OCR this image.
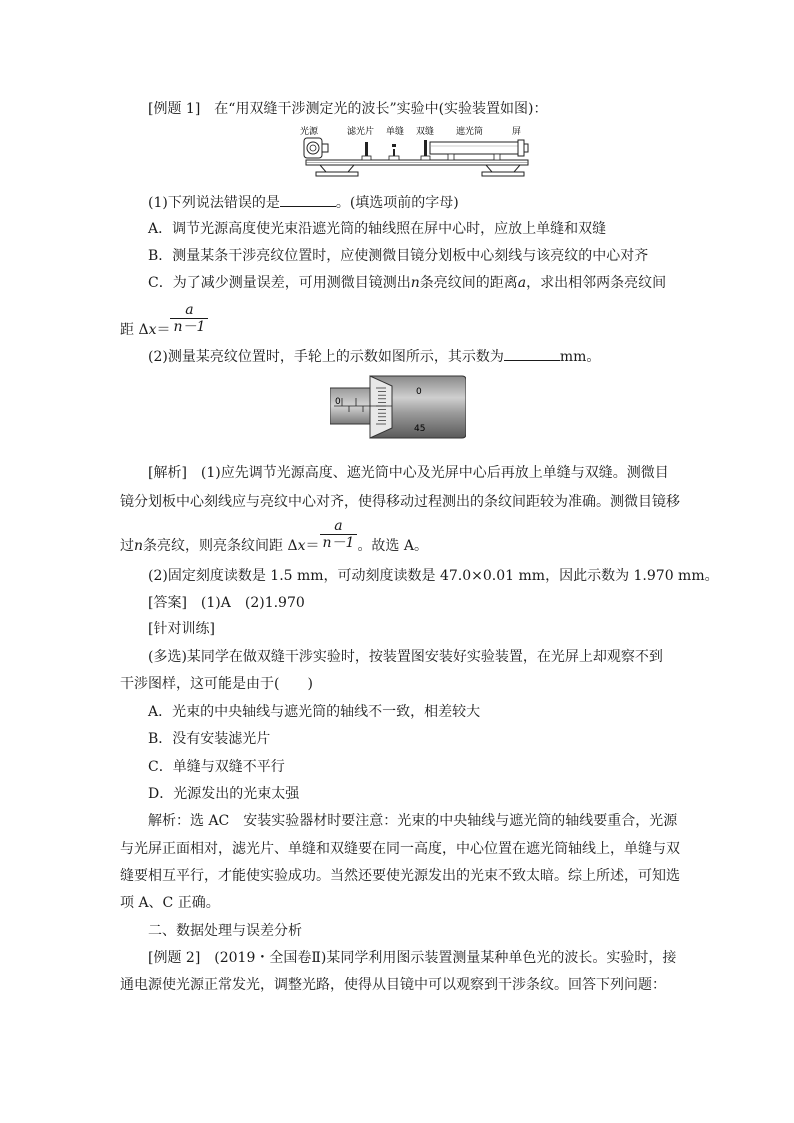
[例题 1]　在“用双缝干涉测定光的波长”实验中(实验装置如图)：
光源	滤光片 单缝 双缝 遮光筒	屏
(1)下列说法错误的是	。(填选项前的字母)
A．调节光源高度使光束沿遮光筒的轴线照在屏中心时，应放上单缝和双缝
B．测量某条干涉亮纹位置时，应使测微目镜分划板中心刻线与该亮纹的中心对齐
C．为了减少测量误差，可用测微目镜测出n条亮纹间的距离a，求出相邻两条亮纹间
距 $\Delta x= \frac{a}{n-1}$
(2)测量某亮纹位置时，手轮上的示数如图所示，其示数为	mm。
0
0
45
[解析]　(1)应先调节光源高度、遮光筒中心及光屏中心后再放上单缝与双缝。测微目
镜分划板中心刻线应与亮纹中心对齐，使得移动过程测出的条纹间距较为准确。测微目镜移
过n条亮纹，则亮条纹间距 $\Delta x= \frac{a}{n-1}$ 。故选 A。
(2)固定刻度读数是 1.5 mm，可动刻度读数是 47.0×0.01 mm，因此示数为 1.970 mm。
[答案]　(1)A　(2)1.970
[针对训练]
(多选)某同学在做双缝干涉实验时，按装置图安装好实验装置，在光屏上却观察不到
干涉图样，这可能是由于(　　)
A．光束的中央轴线与遮光筒的轴线不一致，相差较大
B．没有安装滤光片
C．单缝与双缝不平行
D．光源发出的光束太强
解析：选 AC　安装实验器材时要注意：光束的中央轴线与遮光筒的轴线要重合，光源
与光屏正面相对，滤光片、单缝和双缝要在同一高度，中心位置在遮光筒轴线上，单缝与双
缝要相互平行，才能使实验成功。当然还要使光源发出的光束不致太暗。综上所述，可知选
项 A、C 正确。
二、数据处理与误差分析
[例题 2]　(2019・全国卷Ⅱ)某同学利用图示装置测量某种单色光的波长。实验时，接
通电源使光源正常发光，调整光路，使得从目镜中可以观察到干涉条纹。回答下列问题：
